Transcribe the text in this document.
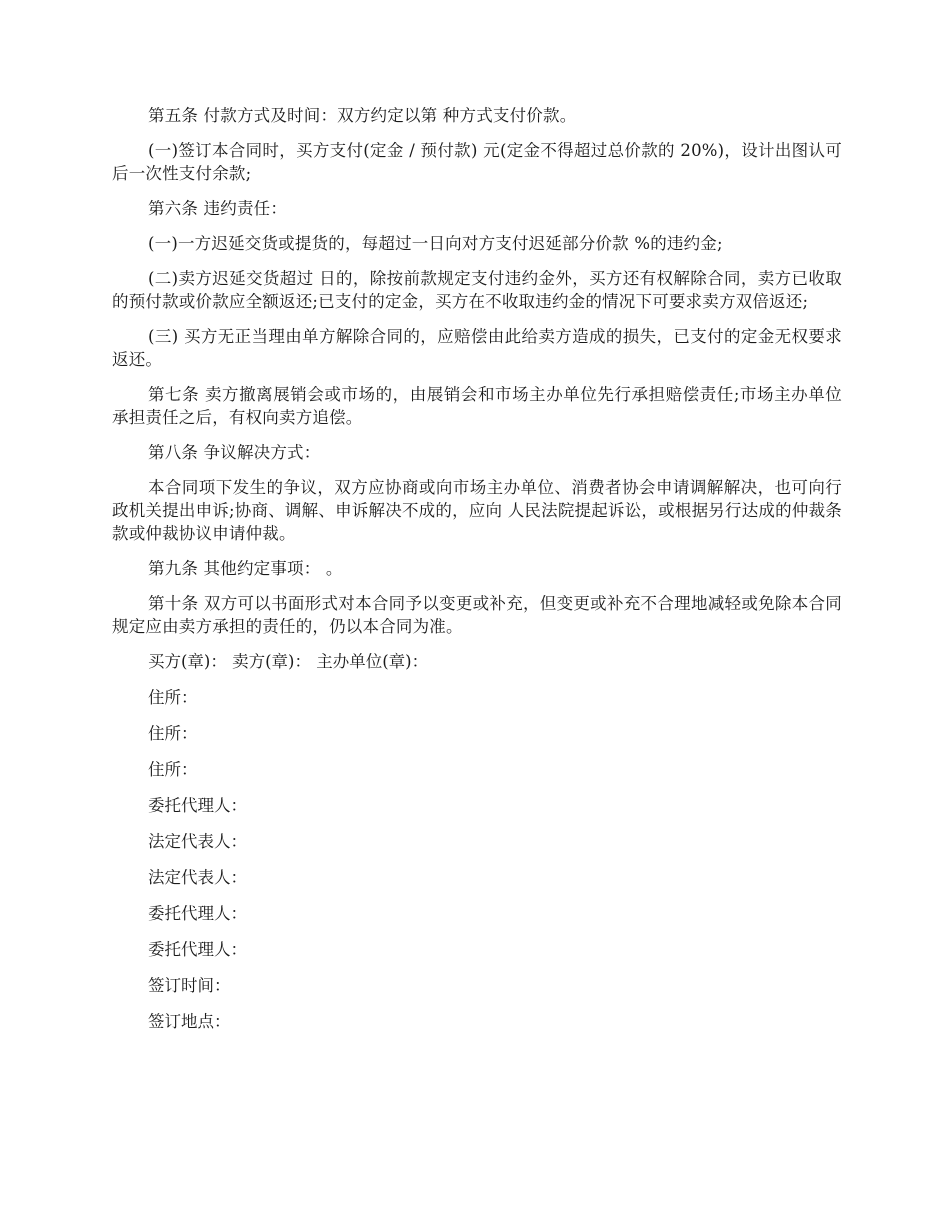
第五条 付款方式及时间：双方约定以第 种方式支付价款。

(一)签订本合同时，买方支付(定金 / 预付款) 元(定金不得超过总价款的 20%)，设计出图认可后一次性支付余款;

第六条 违约责任：

(一)一方迟延交货或提货的，每超过一日向对方支付迟延部分价款 %的违约金;

(二)卖方迟延交货超过 日的，除按前款规定支付违约金外，买方还有权解除合同，卖方已收取的预付款或价款应全额返还;已支付的定金，买方在不收取违约金的情况下可要求卖方双倍返还;

(三) 买方无正当理由单方解除合同的，应赔偿由此给卖方造成的损失，已支付的定金无权要求返还。

第七条 卖方撤离展销会或市场的，由展销会和市场主办单位先行承担赔偿责任;市场主办单位承担责任之后，有权向卖方追偿。

第八条 争议解决方式：

本合同项下发生的争议，双方应协商或向市场主办单位、消费者协会申请调解解决，也可向行政机关提出申诉;协商、调解、申诉解决不成的，应向 人民法院提起诉讼，或根据另行达成的仲裁条款或仲裁协议申请仲裁。

第九条 其他约定事项： 。

第十条 双方可以书面形式对本合同予以变更或补充，但变更或补充不合理地减轻或免除本合同规定应由卖方承担的责任的，仍以本合同为准。

买方(章)： 卖方(章)： 主办单位(章)：

住所：

住所：

住所：

委托代理人：

法定代表人：

法定代表人：

委托代理人：

委托代理人：

签订时间：

签订地点：
